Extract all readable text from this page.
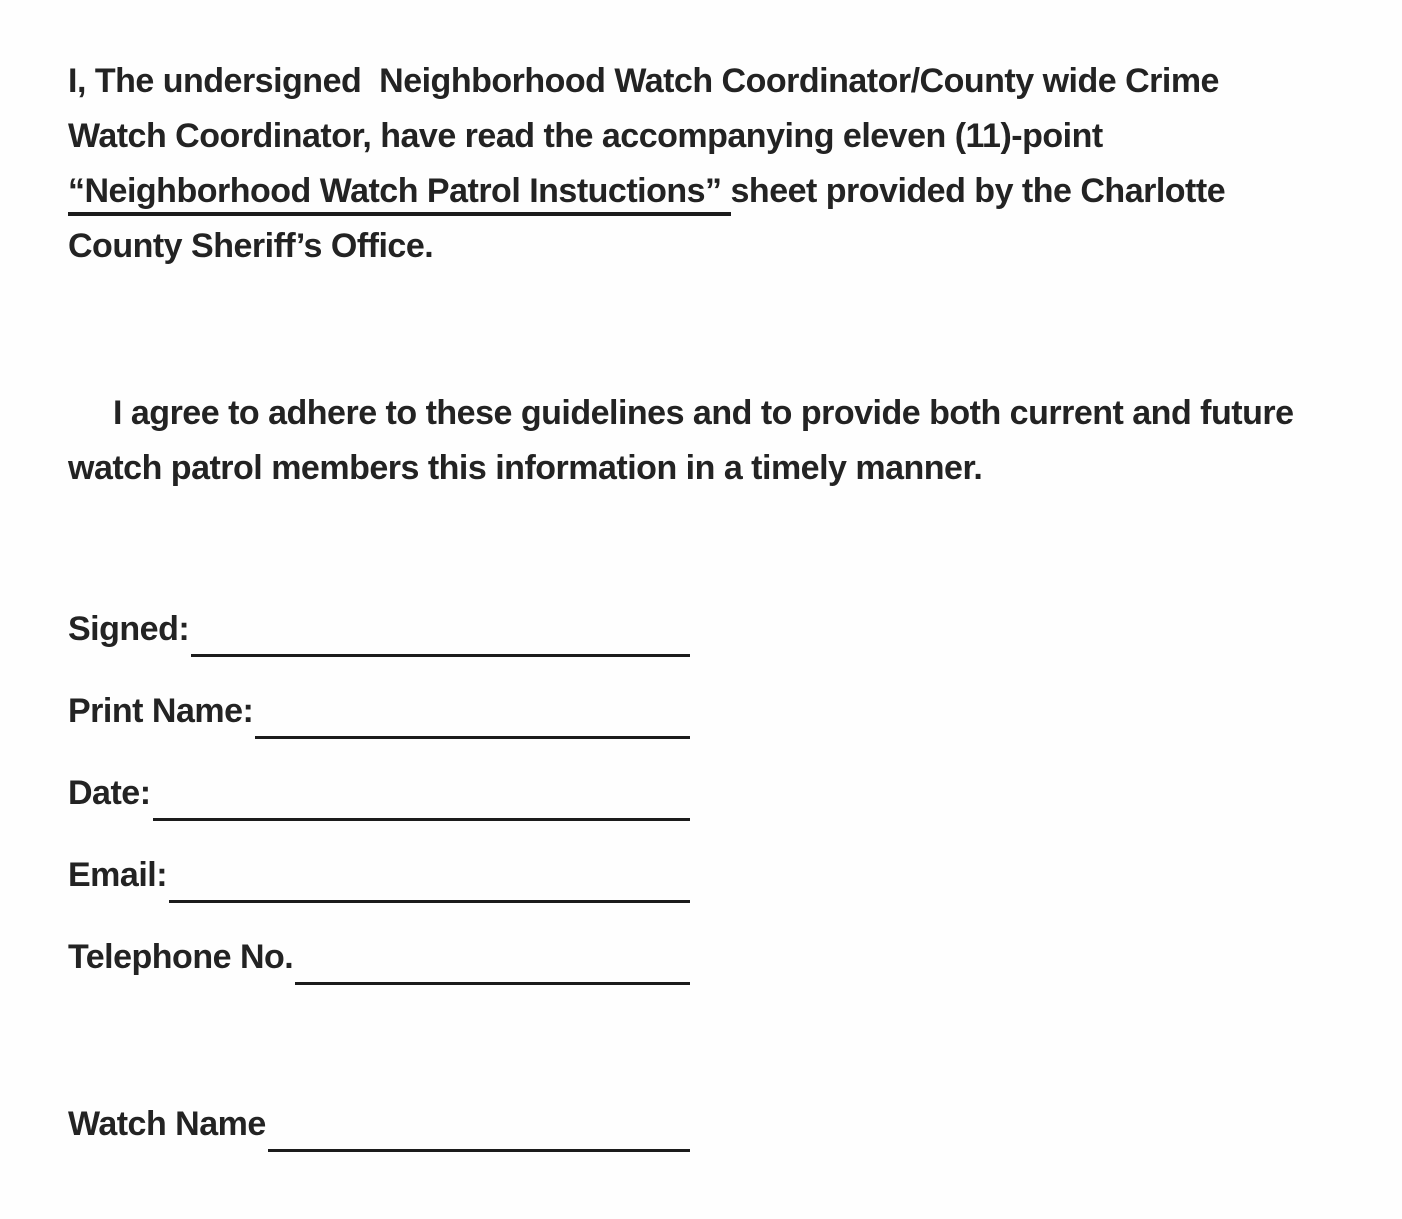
I, The undersigned  Neighborhood Watch Coordinator/County wide Crime
Watch Coordinator, have read the accompanying eleven (11)-point
“Neighborhood Watch Patrol Instuctions” sheet provided by the Charlotte
County Sheriff’s Office.
I agree to adhere to these guidelines and to provide both current and future
watch patrol members this information in a timely manner.
Signed:
Print Name:
Date:
Email:
Telephone No.
Watch Name
